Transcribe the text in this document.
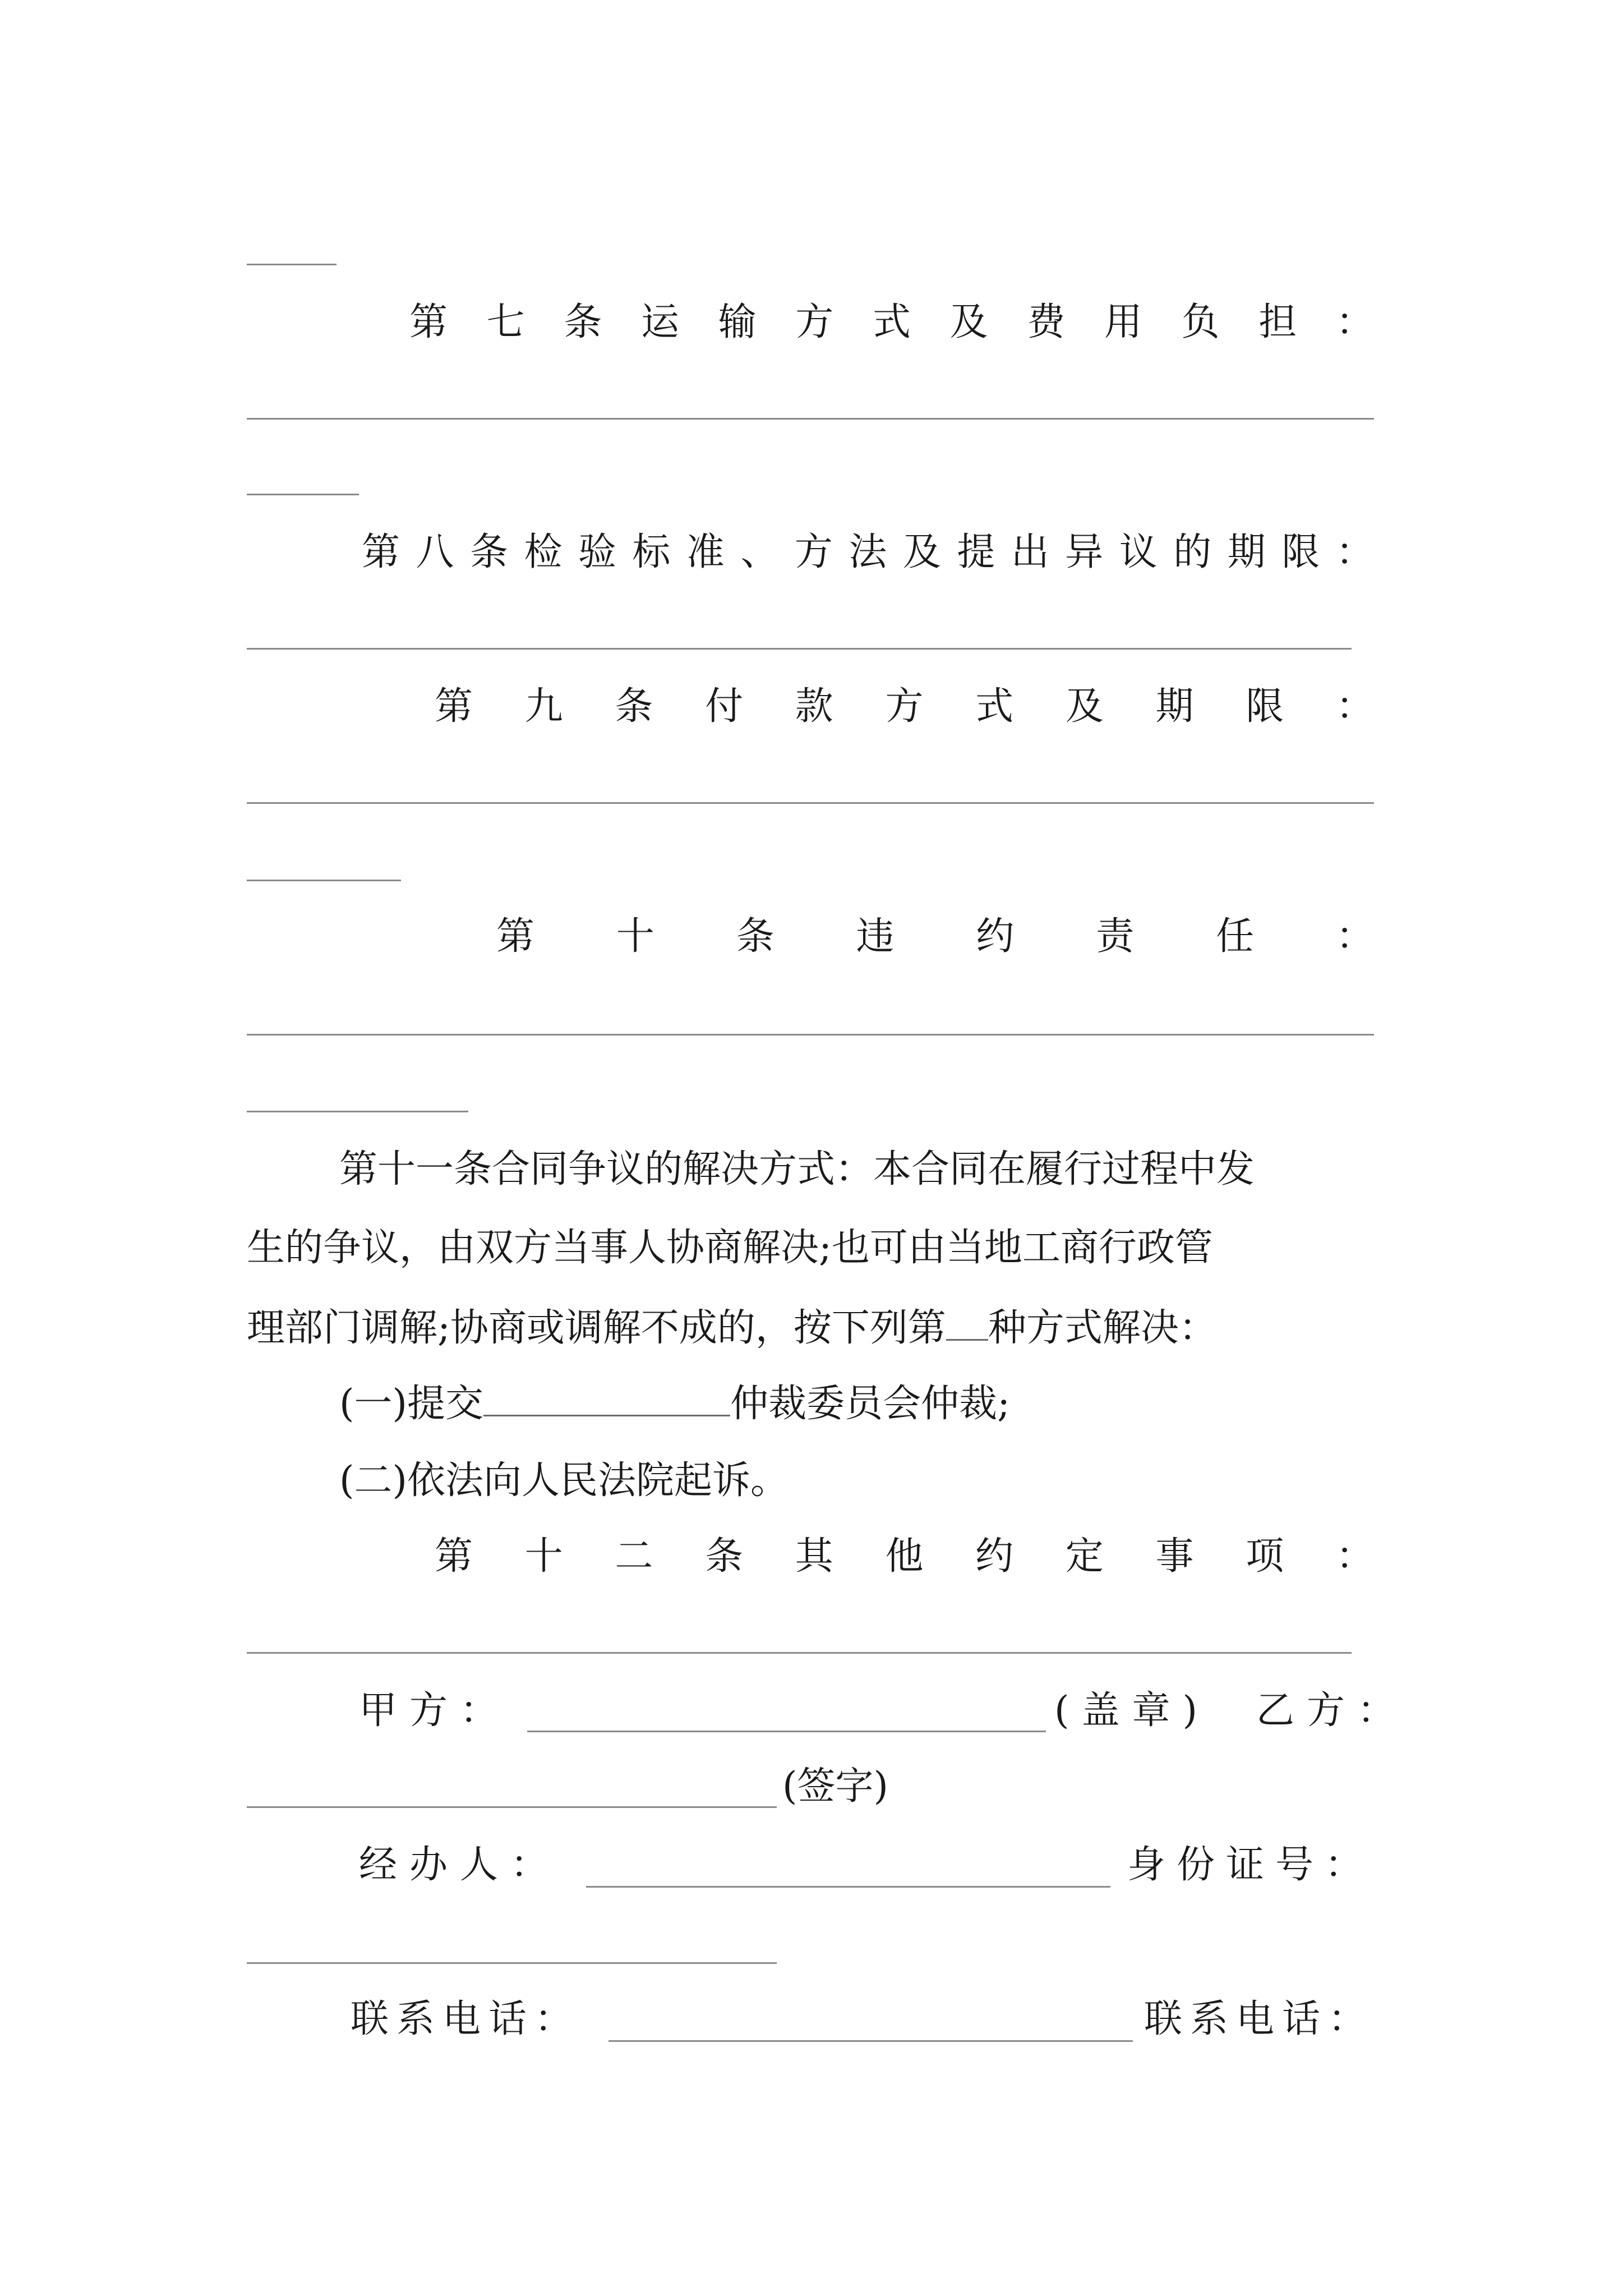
第 七 条 运 输 方 式 及 费 用 负 担 ：
第 八 条 检 验 标 准 、 方 法 及 提 出 异 议 的 期 限 ：
第 九 条 付 款 方 式 及 期 限 ：
第 十 条 违 约 责 任 ：
第十一条合同争议的解决方式：本合同在履行过程中发
生的争议，由双方当事人协商解决;也可由当地工商行政管
理部门调解;协商或调解不成的，按下列第 种方式解决：
(一)提交	仲裁委员会仲裁;
(二)依法向人民法院起诉。
第 十 二 条 其 他 约 定 事 项 ：
甲方：	(盖章) 乙方：
(签字)
经办人：	身份证号：
联系电话：	联系电话：
